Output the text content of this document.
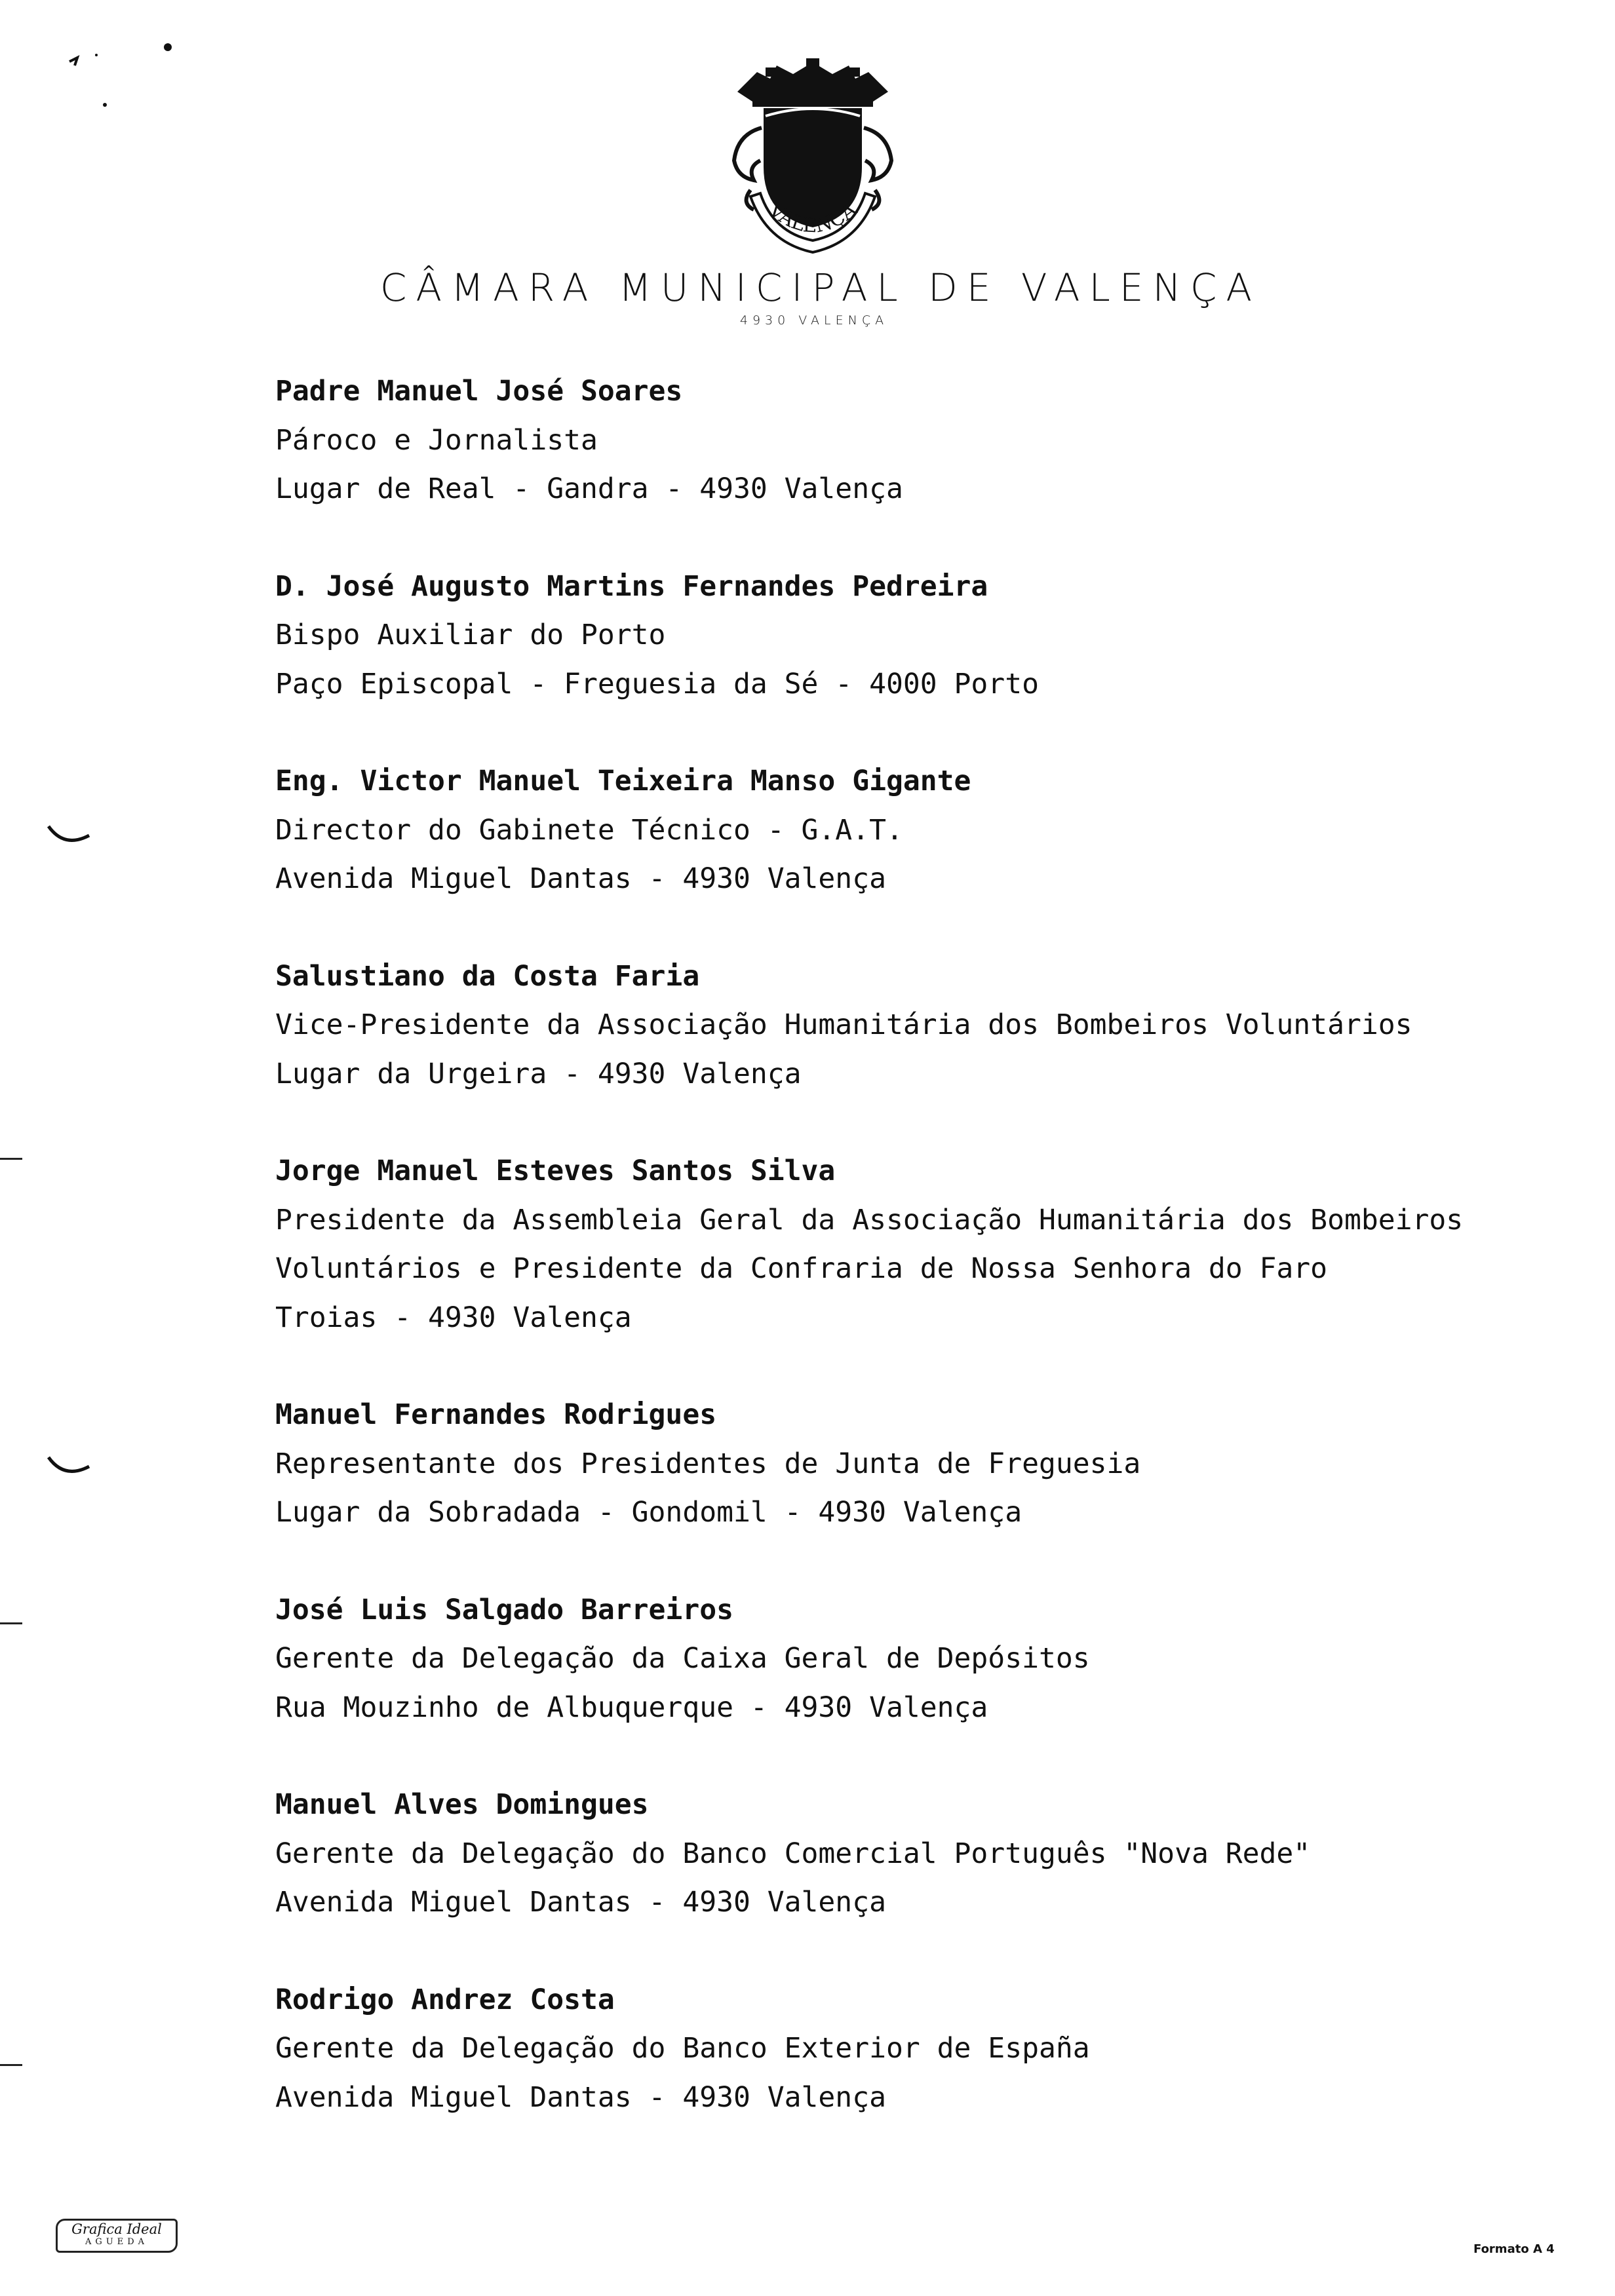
VALENÇA
CÂMARA MUNICIPAL DE VALENÇA
4930 VALENÇA
Padre Manuel José Soares
Pároco e Jornalista
Lugar de Real - Gandra - 4930 Valença
D. José Augusto Martins Fernandes Pedreira
Bispo Auxiliar do Porto
Paço Episcopal - Freguesia da Sé - 4000 Porto
Eng. Victor Manuel Teixeira Manso Gigante
Director do Gabinete Técnico - G.A.T.
Avenida Miguel Dantas - 4930 Valença
Salustiano da Costa Faria
Vice-Presidente da Associação Humanitária dos Bombeiros Voluntários
Lugar da Urgeira - 4930 Valença
Jorge Manuel Esteves Santos Silva
Presidente da Assembleia Geral da Associação Humanitária dos Bombeiros
Voluntários e Presidente da Confraria de Nossa Senhora do Faro
Troias - 4930 Valença
Manuel Fernandes Rodrigues
Representante dos Presidentes de Junta de Freguesia
Lugar da Sobradada - Gondomil - 4930 Valença
José Luis Salgado Barreiros
Gerente da Delegação da Caixa Geral de Depósitos
Rua Mouzinho de Albuquerque - 4930 Valença
Manuel Alves Domingues
Gerente da Delegação do Banco Comercial Português "Nova Rede"
Avenida Miguel Dantas - 4930 Valença
Rodrigo Andrez Costa
Gerente da Delegação do Banco Exterior de España
Avenida Miguel Dantas - 4930 Valença
Grafica Ideal
AGUEDA
Formato A 4
